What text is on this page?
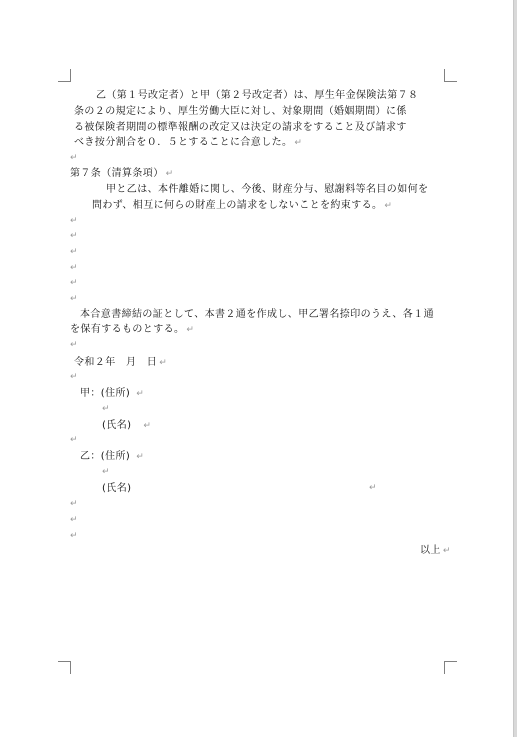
乙（第１号改定者）と甲（第２号改定者）は、厚生年金保険法第７８
条の２の規定により、厚生労働大臣に対し、対象期間（婚姻期間）に係
る被保険者期間の標準報酬の改定又は決定の請求をすること及び請求す
べき按分割合を０．５とすることに合意した。 ↵
↵
第７条（清算条項） ↵
甲と乙は、本件離婚に関し、今後、財産分与、慰謝料等名目の如何を
問わず、相互に何らの財産上の請求をしないことを約束する。 ↵
↵
↵
↵
↵
↵
↵
本合意書締結の証として、本書２通を作成し、甲乙署名捺印のうえ、各１通
を保有するものとする。 ↵
↵
令和２年　月　日 ↵
↵
甲：(住所) ↵
↵
(氏名) ↵
↵
乙：(住所) ↵
↵
(氏名)	↵
↵
↵
↵
以上 ↵
